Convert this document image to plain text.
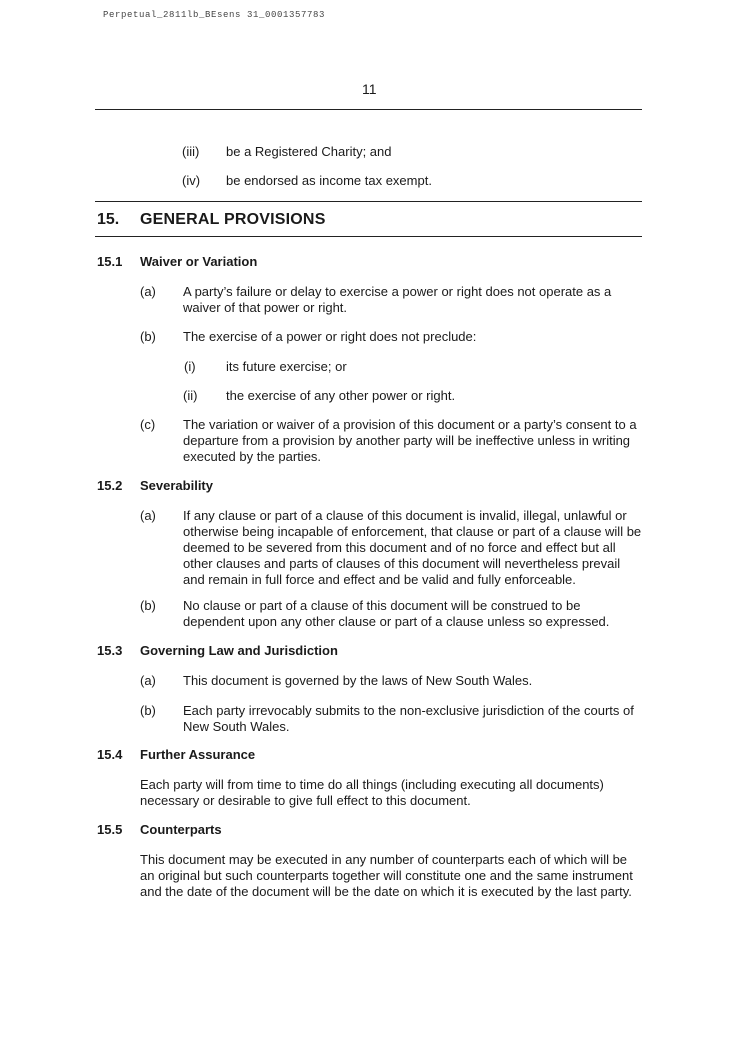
Perpetual_2811lb_BEsens 31_0001357783
11
(iii) be a Registered Charity; and
(iv) be endorsed as income tax exempt.
15. GENERAL PROVISIONS
15.1 Waiver or Variation
(a) A party’s failure or delay to exercise a power or right does not operate as a waiver of that power or right.
(b) The exercise of a power or right does not preclude:
(i) its future exercise; or
(ii) the exercise of any other power or right.
(c) The variation or waiver of a provision of this document or a party’s consent to a departure from a provision by another party will be ineffective unless in writing executed by the parties.
15.2 Severability
(a) If any clause or part of a clause of this document is invalid, illegal, unlawful or otherwise being incapable of enforcement, that clause or part of a clause will be deemed to be severed from this document and of no force and effect but all other clauses and parts of clauses of this document will nevertheless prevail and remain in full force and effect and be valid and fully enforceable.
(b) No clause or part of a clause of this document will be construed to be dependent upon any other clause or part of a clause unless so expressed.
15.3 Governing Law and Jurisdiction
(a) This document is governed by the laws of New South Wales.
(b) Each party irrevocably submits to the non-exclusive jurisdiction of the courts of New South Wales.
15.4 Further Assurance
Each party will from time to time do all things (including executing all documents) necessary or desirable to give full effect to this document.
15.5 Counterparts
This document may be executed in any number of counterparts each of which will be an original but such counterparts together will constitute one and the same instrument and the date of the document will be the date on which it is executed by the last party.
